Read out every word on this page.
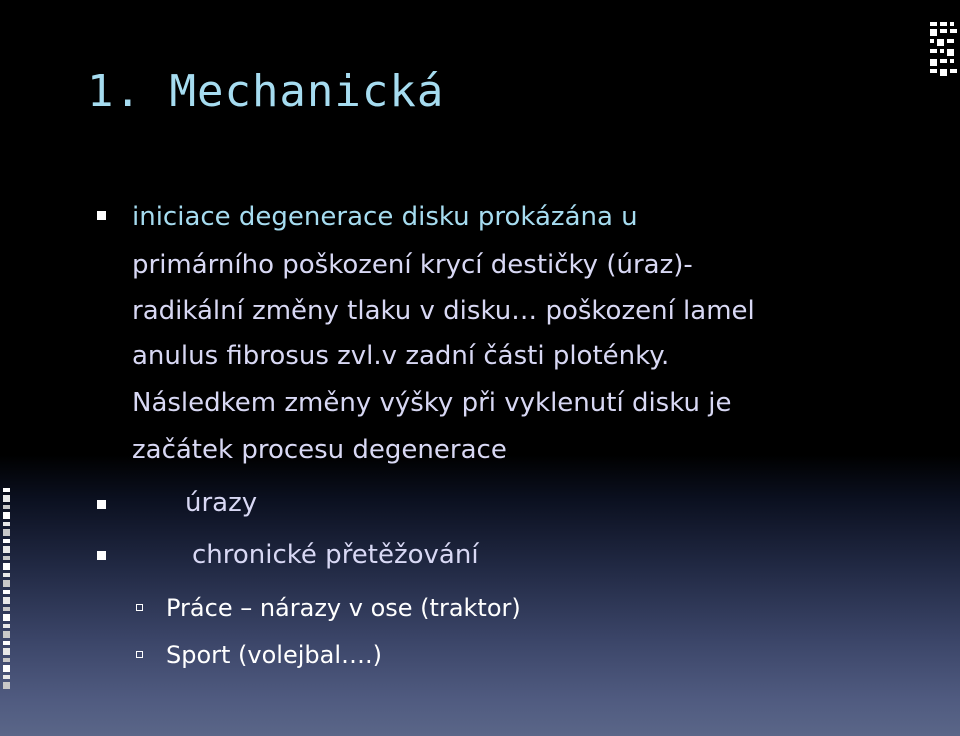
1. Mechanická
iniciace degenerace disku prokázána u
primárního poškození krycí destičky (úraz)-
radikální změny tlaku v disku… poškození lamel
anulus fibrosus zvl.v zadní části ploténky.
Následkem změny výšky při vyklenutí disku je
začátek procesu degenerace
úrazy
chronické přetěžování
Práce – nárazy v ose (traktor)
Sport (volejbal….)
